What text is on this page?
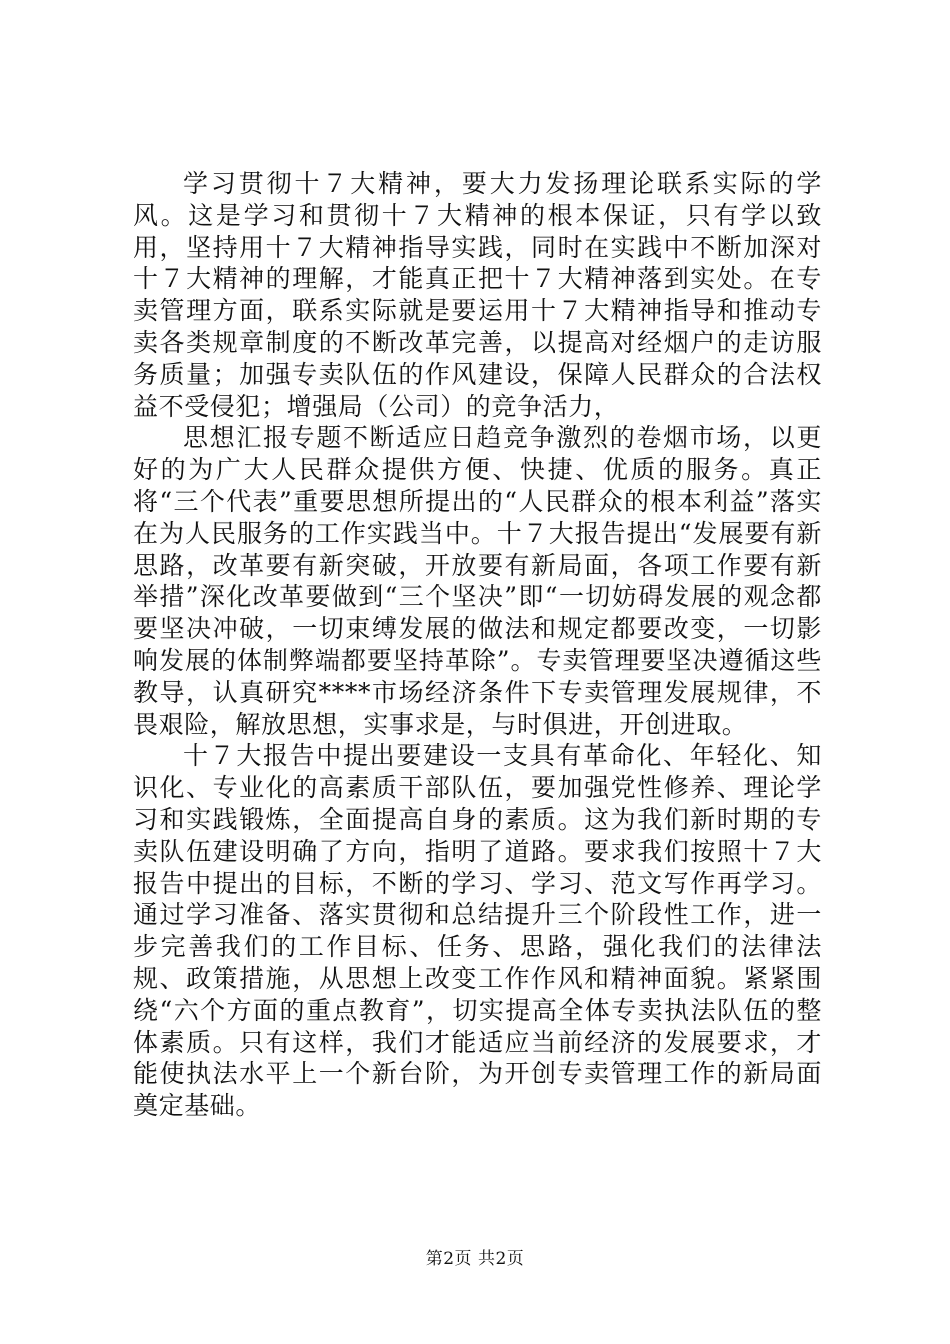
学习贯彻十７大精神，要大力发扬理论联系实际的学风。这是学习和贯彻十７大精神的根本保证，只有学以致用，坚持用十７大精神指导实践，同时在实践中不断加深对十７大精神的理解，才能真正把十７大精神落到实处。在专卖管理方面，联系实际就是要运用十７大精神指导和推动专卖各类规章制度的不断改革完善，以提高对经烟户的走访服务质量；加强专卖队伍的作风建设，保障人民群众的合法权益不受侵犯；增强局（公司）的竞争活力，

思想汇报专题不断适应日趋竞争激烈的卷烟市场，以更好的为广大人民群众提供方便、快捷、优质的服务。真正将“三个代表”重要思想所提出的“人民群众的根本利益”落实在为人民服务的工作实践当中。十７大报告提出“发展要有新思路，改革要有新突破，开放要有新局面，各项工作要有新举措”深化改革要做到“三个坚决”即“一切妨碍发展的观念都要坚决冲破，一切束缚发展的做法和规定都要改变，一切影响发展的体制弊端都要坚持革除”。专卖管理要坚决遵循这些教导，认真研究****市场经济条件下专卖管理发展规律，不畏艰险，解放思想，实事求是，与时俱进，开创进取。

十７大报告中提出要建设一支具有革命化、年轻化、知识化、专业化的高素质干部队伍，要加强党性修养、理论学习和实践锻炼，全面提高自身的素质。这为我们新时期的专卖队伍建设明确了方向，指明了道路。要求我们按照十７大报告中提出的目标，不断的学习、学习、范文写作再学习。通过学习准备、落实贯彻和总结提升三个阶段性工作，进一步完善我们的工作目标、任务、思路，强化我们的法律法规、政策措施，从思想上改变工作作风和精神面貌。紧紧围绕“六个方面的重点教育”，切实提高全体专卖执法队伍的整体素质。只有这样，我们才能适应当前经济的发展要求，才能使执法水平上一个新台阶，为开创专卖管理工作的新局面奠定基础。

第2页 共2页
